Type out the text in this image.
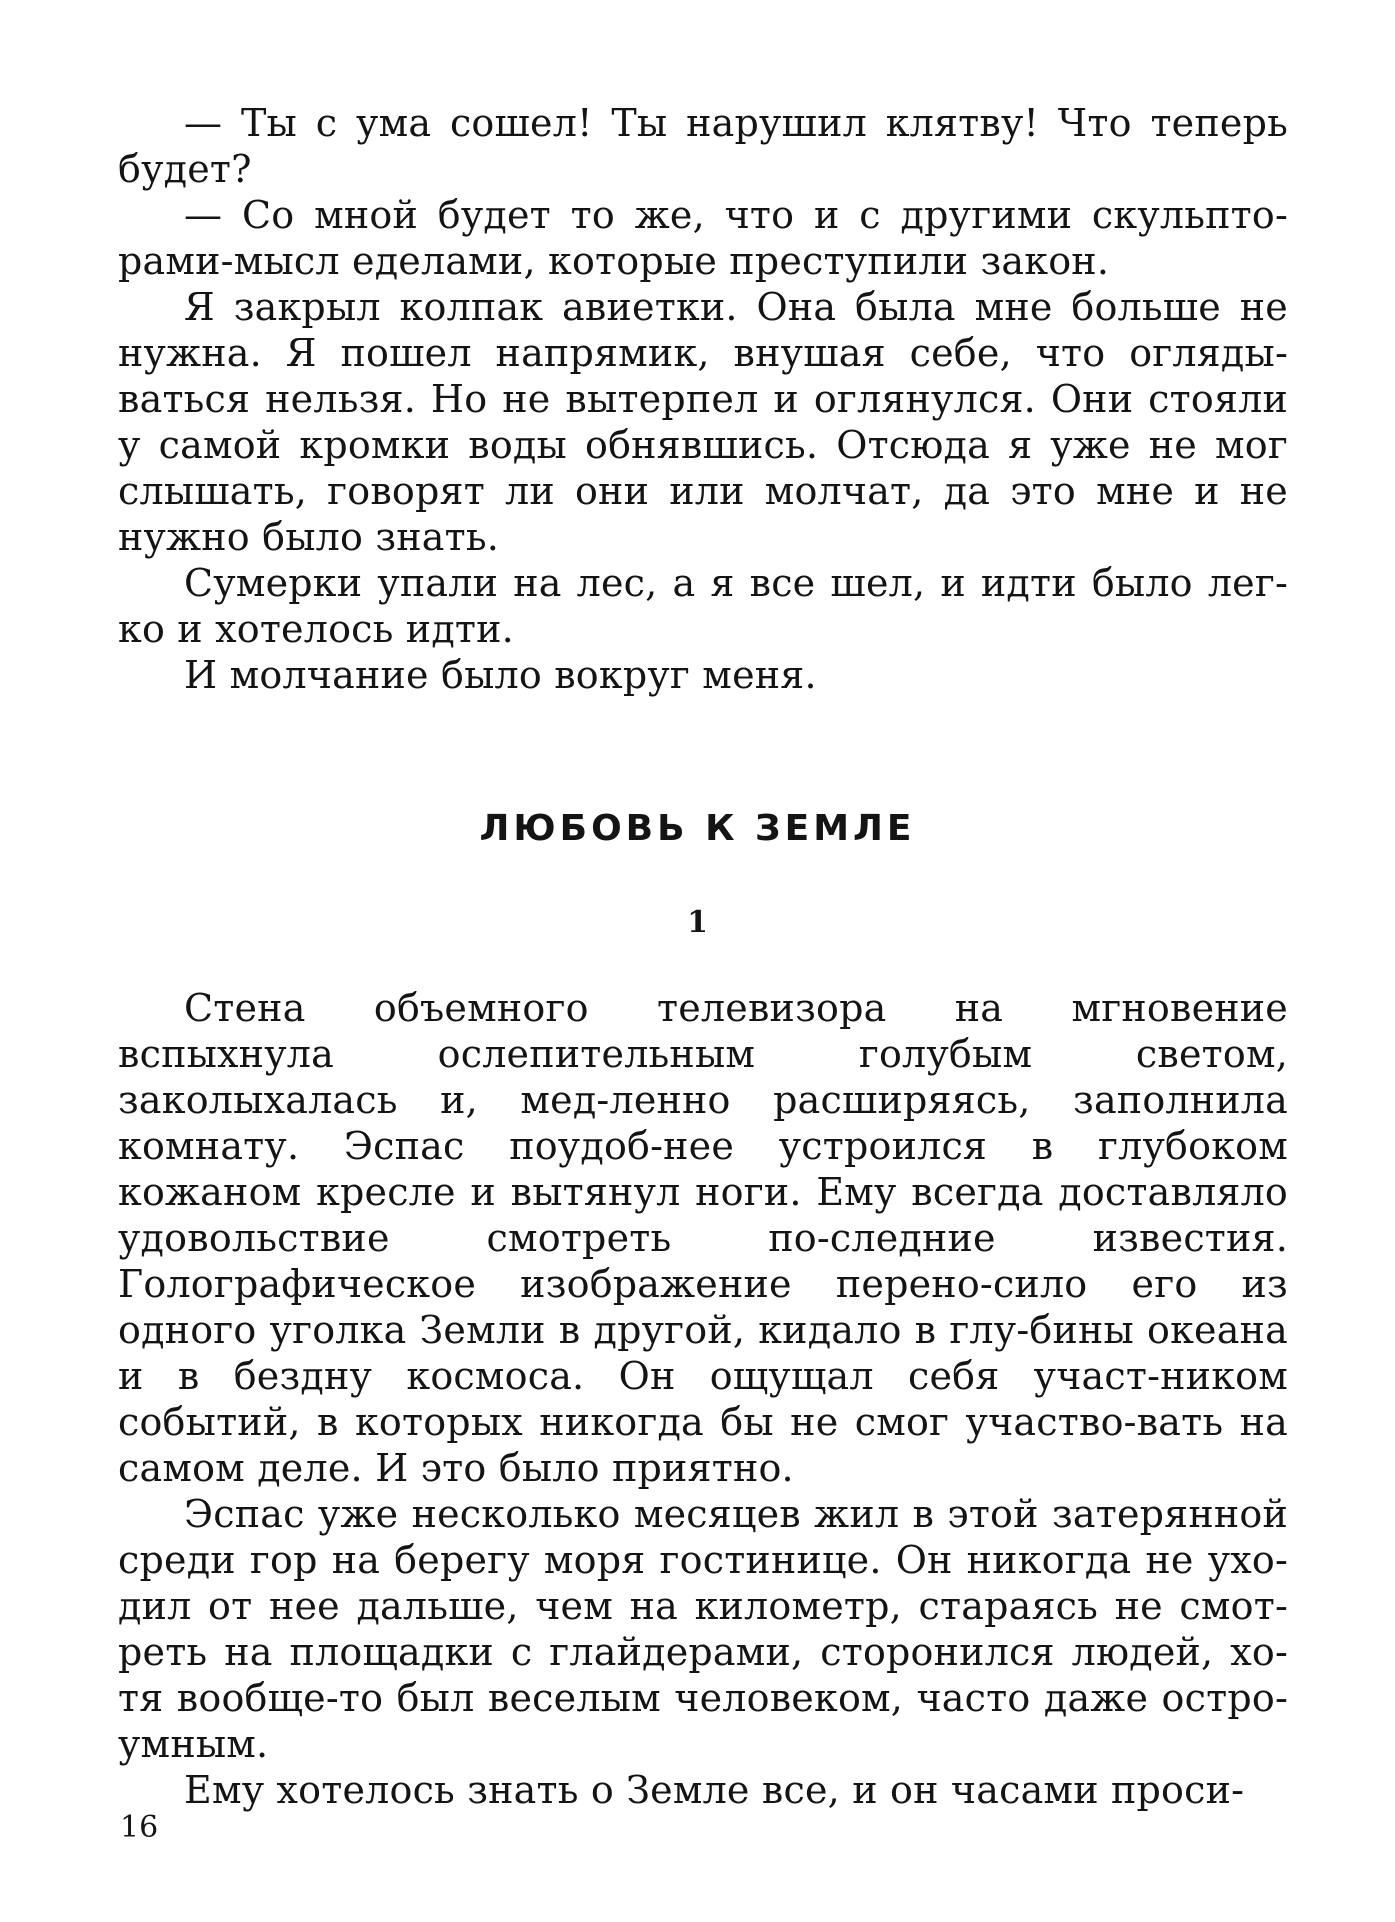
— Ты с ума сошел! Ты нарушил клятву! Что теперь будет?

— Со мной будет то же, что и с другими скульпто-рами-мысл еделами, которые преступили закон.

Я закрыл колпак авиетки. Она была мне больше не нужна. Я пошел напрямик, внушая себе, что огляды-ваться нельзя. Но не вытерпел и оглянулся. Они стояли у самой кромки воды обнявшись. Отсюда я уже не мог слышать, говорят ли они или молчат, да это мне и не нужно было знать.

Сумерки упали на лес, а я все шел, и идти было лег-ко и хотелось идти.

И молчание было вокруг меня.

ЛЮБОВЬ К ЗЕМЛЕ
1

Стена объемного телевизора на мгновение вспыхнула ослепительным голубым светом, заколыхалась и, мед-ленно расширяясь, заполнила комнату. Эспас поудоб-нее устроился в глубоком кожаном кресле и вытянул ноги. Ему всегда доставляло удовольствие смотреть по-следние известия. Голографическое изображение перено-сило его из одного уголка Земли в другой, кидало в глу-бины океана и в бездну космоса. Он ощущал себя участ-ником событий, в которых никогда бы не смог участво-вать на самом деле. И это было приятно.

Эспас уже несколько месяцев жил в этой затерянной среди гор на берегу моря гостинице. Он никогда не ухо-дил от нее дальше, чем на километр, стараясь не смот-реть на площадки с глайдерами, сторонился людей, хо-тя вообще-то был веселым человеком, часто даже остро-умным.

Ему хотелось знать о Земле все, и он часами проси-

16
